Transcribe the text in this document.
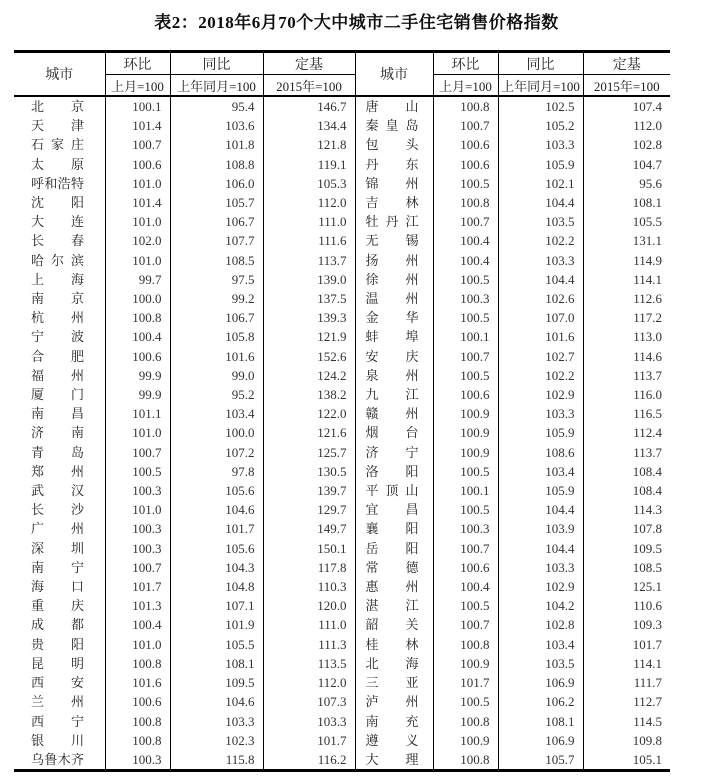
表2：2018年6月70个大中城市二手住宅销售价格指数
城市	环比	同比	定基	城市	环比	同比	定基
	上月=100	上年同月=100	2015年=100		上月=100	上年同月=100	2015年=100
北京	100.1	95.4	146.7	唐山	100.8	102.5	107.4
天津	101.4	103.6	134.4	秦皇岛	100.7	105.2	112.0
石家庄	100.7	101.8	121.8	包头	100.6	103.3	102.8
太原	100.6	108.8	119.1	丹东	100.6	105.9	104.7
呼和浩特	101.0	106.0	105.3	锦州	100.5	102.1	95.6
沈阳	101.4	105.7	112.0	吉林	100.8	104.4	108.1
大连	101.0	106.7	111.0	牡丹江	100.7	103.5	105.5
长春	102.0	107.7	111.6	无锡	100.4	102.2	131.1
哈尔滨	101.0	108.5	113.7	扬州	100.4	103.3	114.9
上海	99.7	97.5	139.0	徐州	100.5	104.4	114.1
南京	100.0	99.2	137.5	温州	100.3	102.6	112.6
杭州	100.8	106.7	139.3	金华	100.5	107.0	117.2
宁波	100.4	105.8	121.9	蚌埠	100.1	101.6	113.0
合肥	100.6	101.6	152.6	安庆	100.7	102.7	114.6
福州	99.9	99.0	124.2	泉州	100.5	102.2	113.7
厦门	99.9	95.2	138.2	九江	100.6	102.9	116.0
南昌	101.1	103.4	122.0	赣州	100.9	103.3	116.5
济南	101.0	100.0	121.6	烟台	100.9	105.9	112.4
青岛	100.7	107.2	125.7	济宁	100.9	108.6	113.7
郑州	100.5	97.8	130.5	洛阳	100.5	103.4	108.4
武汉	100.3	105.6	139.7	平顶山	100.1	105.9	108.4
长沙	101.0	104.6	129.7	宜昌	100.5	104.4	114.3
广州	100.3	101.7	149.7	襄阳	100.3	103.9	107.8
深圳	100.3	105.6	150.1	岳阳	100.7	104.4	109.5
南宁	100.7	104.3	117.8	常德	100.6	103.3	108.5
海口	101.7	104.8	110.3	惠州	100.4	102.9	125.1
重庆	101.3	107.1	120.0	湛江	100.5	104.2	110.6
成都	100.4	101.9	111.0	韶关	100.7	102.8	109.3
贵阳	101.0	105.5	111.3	桂林	100.8	103.4	101.7
昆明	100.8	108.1	113.5	北海	100.9	103.5	114.1
西安	101.6	109.5	112.0	三亚	101.7	106.9	111.7
兰州	100.6	104.6	107.3	泸州	100.5	106.2	112.7
西宁	100.8	103.3	103.3	南充	100.8	108.1	114.5
银川	100.8	102.3	101.7	遵义	100.9	106.9	109.8
乌鲁木齐	100.3	115.8	116.2	大理	100.8	105.7	105.1
